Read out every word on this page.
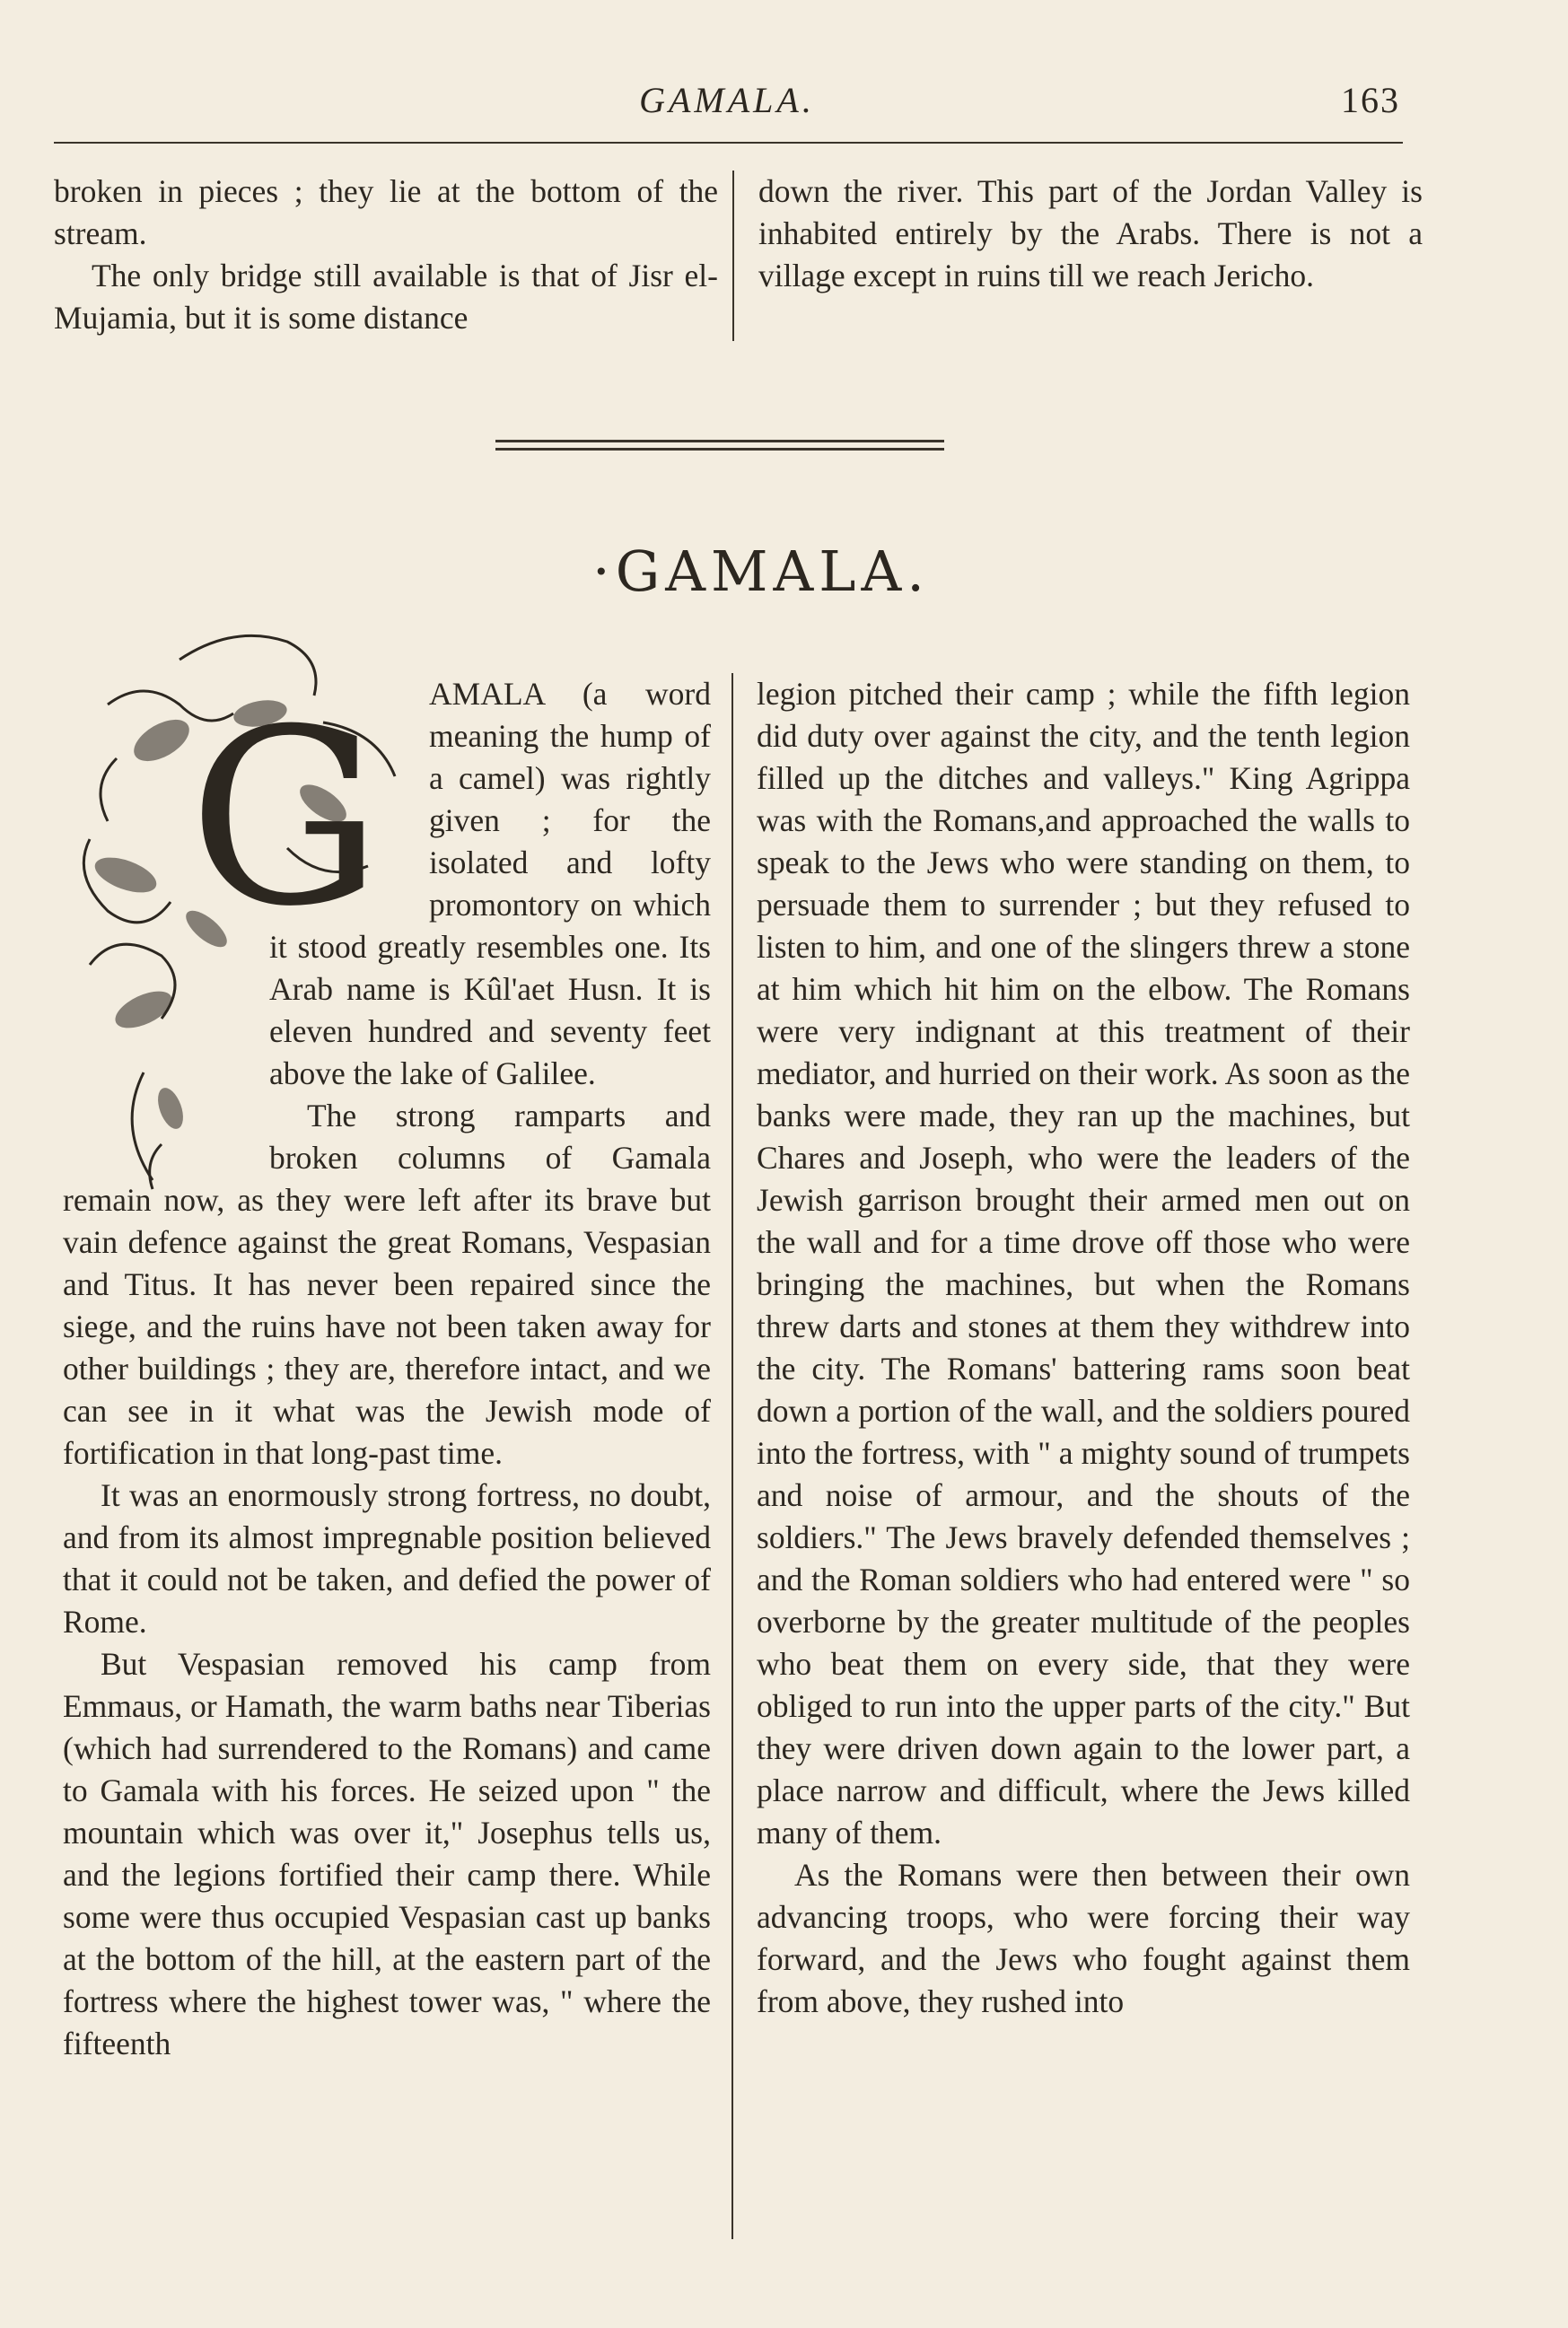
GAMALA.	163

broken in pieces ; they lie at the bottom of the stream.

The only bridge still available is that of Jisr el-Mujamia, but it is some distance

down the river. This part of the Jordan Valley is inhabited entirely by the Arabs. There is not a village except in ruins till we reach Jericho.

·GAMALA.
G	AMALA (a word meaning the hump of a camel) was rightly given ; for the isolated and lofty promontory on which it stood greatly resembles one. Its Arab name is Kûl'aet Husn. It is eleven hundred and seventy feet above the lake of Galilee.

The strong ramparts and broken columns of Gamala remain now, as they were left after its brave but vain defence against the great Romans, Vespasian and Titus. It has never been repaired since the siege, and the ruins have not been taken away for other buildings ; they are, therefore intact, and we can see in it what was the Jewish mode of fortification in that long-past time.

It was an enormously strong fortress, no doubt, and from its almost impregnable position believed that it could not be taken, and defied the power of Rome.

But Vespasian removed his camp from Emmaus, or Hamath, the warm baths near Tiberias (which had surrendered to the Romans) and came to Gamala with his forces. He seized upon " the mountain which was over it," Josephus tells us, and the legions fortified their camp there. While some were thus occupied Vespasian cast up banks at the bottom of the hill, at the eastern part of the fortress where the highest tower was, " where the fifteenth

legion pitched their camp ; while the fifth legion did duty over against the city, and the tenth legion filled up the ditches and valleys." King Agrippa was with the Romans,and approached the walls to speak to the Jews who were standing on them, to persuade them to surrender ; but they refused to listen to him, and one of the slingers threw a stone at him which hit him on the elbow. The Romans were very indignant at this treatment of their mediator, and hurried on their work. As soon as the banks were made, they ran up the machines, but Chares and Joseph, who were the leaders of the Jewish garrison brought their armed men out on the wall and for a time drove off those who were bringing the machines, but when the Romans threw darts and stones at them they withdrew into the city. The Romans' battering rams soon beat down a portion of the wall, and the soldiers poured into the fortress, with " a mighty sound of trumpets and noise of armour, and the shouts of the soldiers." The Jews bravely defended themselves ; and the Roman soldiers who had entered were " so overborne by the greater multitude of the peoples who beat them on every side, that they were obliged to run into the upper parts of the city." But they were driven down again to the lower part, a place narrow and difficult, where the Jews killed many of them.

As the Romans were then between their own advancing troops, who were forcing their way forward, and the Jews who fought against them from above, they rushed into
